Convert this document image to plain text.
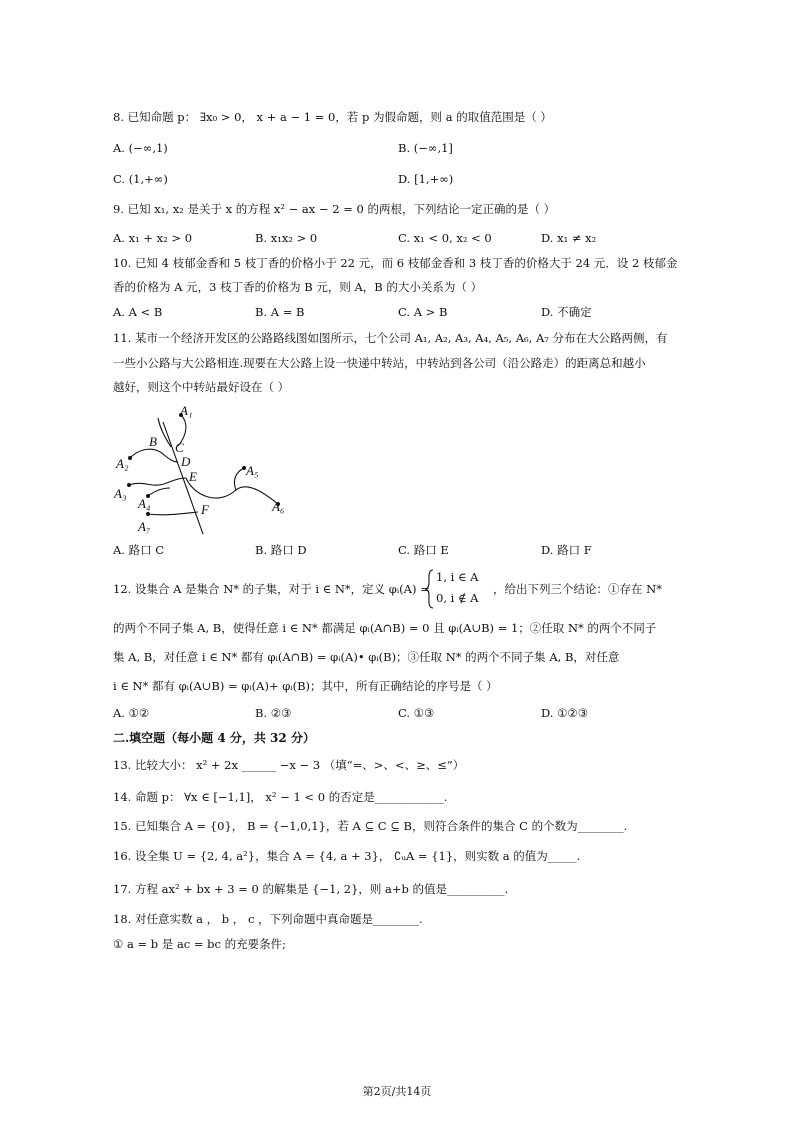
8. 已知命题 p： ∃x₀ > 0， x + a − 1 = 0，若 p 为假命题，则 a 的取值范围是（ ）
A. (−∞,1)	B. (−∞,1]
C. (1,+∞)	D. [1,+∞)
9. 已知 x₁, x₂ 是关于 x 的方程 x² − ax − 2 = 0 的两根，下列结论一定正确的是（ ）
A. x₁ + x₂ > 0	B. x₁x₂ > 0	C. x₁ < 0, x₂ < 0	D. x₁ ≠ x₂
10. 已知 4 枝郁金香和 5 枝丁香的价格小于 22 元，而 6 枝郁金香和 3 枝丁香的价格大于 24 元．设 2 枝郁金
香的价格为 A 元，3 枝丁香的价格为 B 元，则 A，B 的大小关系为（ ）
A. A < B	B. A = B	C. A > B	D. 不确定
11. 某市一个经济开发区的公路路线图如图所示，七个公司 A₁, A₂, A₃, A₄, A₅, A₆, A₇ 分布在大公路两侧，有
一些小公路与大公路相连.现要在大公路上设一快递中转站，中转站到各公司（沿公路走）的距离总和越小
越好，则这个中转站最好设在（ ）
A₁
B C
A₂	D
E	A₅
A₃
A₄	F	A₆
A₇
A. 路口 C	B. 路口 D	C. 路口 E	D. 路口 F
12. 设集合 A 是集合 N* 的子集，对于 i ∈ N*，定义 φᵢ(A) =
1, i ∈ A
0, i ∉ A
，给出下列三个结论：①存在 N*
的两个不同子集 A, B，使得任意 i ∈ N* 都满足 φᵢ(A∩B) = 0 且 φᵢ(A∪B) = 1；②任取 N* 的两个不同子
集 A, B，对任意 i ∈ N* 都有 φᵢ(A∩B) = φᵢ(A)• φᵢ(B)；③任取 N* 的两个不同子集 A, B，对任意
i ∈ N* 都有 φᵢ(A∪B) = φᵢ(A)+ φᵢ(B)；其中，所有正确结论的序号是（ ）
A. ①②	B. ②③	C. ①③	D. ①②③
二.填空题（每小题 4 分，共 32 分）
13. 比较大小： x² + 2x ______ −x − 3 （填“=、>、<、≥、≤”）
14. 命题 p： ∀x ∈ [−1,1]， x² − 1 < 0 的否定是____________.
15. 已知集合 A = {0}， B = {−1,0,1}，若 A ⊆ C ⊆ B，则符合条件的集合 C 的个数为________.
16. 设全集 U = {2, 4, a²}，集合 A = {4, a + 3}， ∁ᵤA = {1}，则实数 a 的值为_____.
17. 方程 ax² + bx + 3 = 0 的解集是 {−1, 2}，则 a+b 的值是__________.
18. 对任意实数 a ， b ， c ，下列命题中真命题是________.
① a = b 是 ac = bc 的充要条件;
第2页/共14页
